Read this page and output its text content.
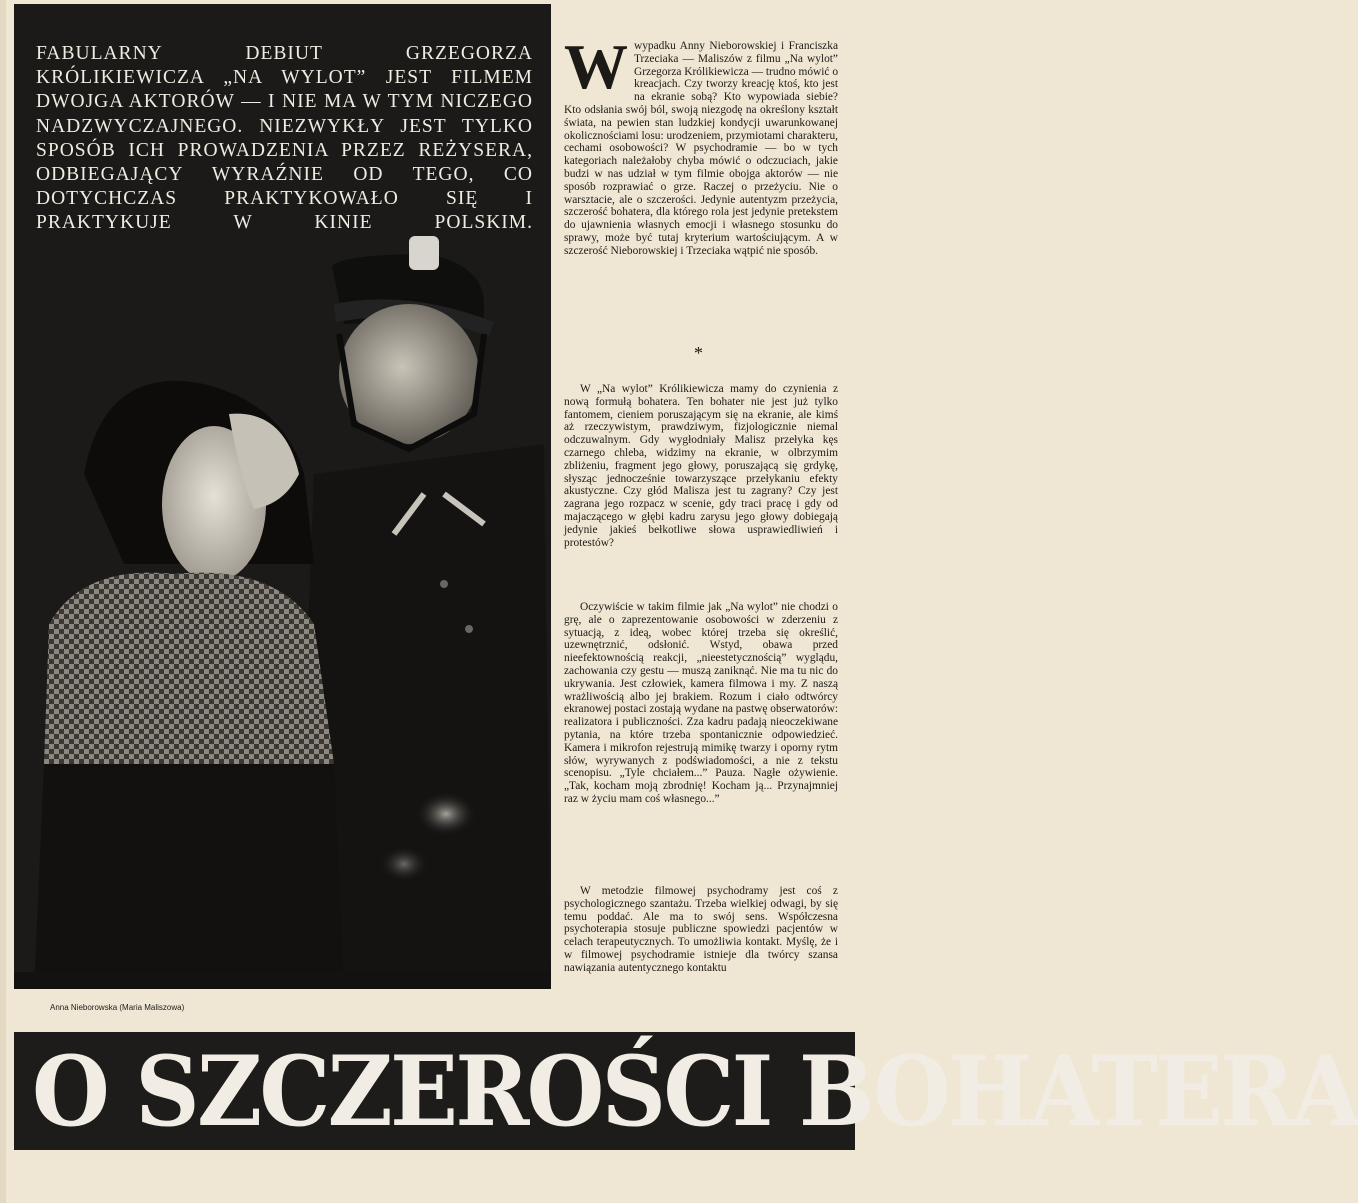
FABULARNY DEBIUT GRZEGORZA KRÓLIKIEWICZA „NA WYLOT” JEST FILMEM DWOJGA AKTORÓW — I NIE MA W TYM NICZEGO NADZWYCZAJNEGO. NIEZWYKŁY JEST TYLKO SPOSÓB ICH PROWADZENIA PRZEZ REŻYSERA, ODBIEGAJĄCY WYRAŹNIE OD TEGO, CO DOTYCHCZAS PRAKTYKOWAŁO SIĘ I PRAKTYKUJE W KINIE POLSKIM.

Anna Nieborowska (Maria Maliszowa)

Wwypadku Anny Nieborowskiej i Franciszka Trzeciaka — Maliszów z filmu „Na wylot” Grzegorza Królikiewicza — trudno mówić o kreacjach. Czy tworzy kreację ktoś, kto jest na ekranie sobą? Kto wypowiada siebie? Kto odsłania swój ból, swoją niezgodę na określony kształt świata, na pewien stan ludzkiej kondycji uwarunkowanej okolicznościami losu: urodzeniem, przymiotami charakteru, cechami osobowości? W psychodramie — bo w tych kategoriach należałoby chyba mówić o odczuciach, jakie budzi w nas udział w tym filmie obojga aktorów — nie sposób rozprawiać o grze. Raczej o przeżyciu. Nie o warsztacie, ale o szczerości. Jedynie autentyzm przeżycia, szczerość bohatera, dla którego rola jest jedynie pretekstem do ujawnienia własnych emocji i własnego stosunku do sprawy, może być tutaj kryterium wartościującym. A w szczerość Nieborowskiej i Trzeciaka wątpić nie sposób.

*

W „Na wylot” Królikiewicza mamy do czynienia z nową formułą bohatera. Ten bohater nie jest już tylko fantomem, cieniem poruszającym się na ekranie, ale kimś aż rzeczywistym, prawdziwym, fizjologicznie niemal odczuwalnym. Gdy wygłodniały Malisz przełyka kęs czarnego chleba, widzimy na ekranie, w olbrzymim zbliżeniu, fragment jego głowy, poruszającą się grdykę, słysząc jednocześnie towarzyszące przełykaniu efekty akustyczne. Czy głód Malisza jest tu zagrany? Czy jest zagrana jego rozpacz w scenie, gdy traci pracę i gdy od majaczącego w głębi kadru zarysu jego głowy dobiegają jedynie jakieś bełkotliwe słowa usprawiedliwień i protestów?

Oczywiście w takim filmie jak „Na wylot” nie chodzi o grę, ale o zaprezentowanie osobowości w zderzeniu z sytuacją, z ideą, wobec której trzeba się określić, uzewnętrznić, odsłonić. Wstyd, obawa przed nieefektownością reakcji, „nieestetycznością” wyglądu, zachowania czy gestu — muszą zaniknąć. Nie ma tu nic do ukrywania. Jest człowiek, kamera filmowa i my. Z naszą wrażliwością albo jej brakiem. Rozum i ciało odtwórcy ekranowej postaci zostają wydane na pastwę obserwatorów: realizatora i publiczności. Zza kadru padają nieoczekiwane pytania, na które trzeba spontanicznie odpowiedzieć. Kamera i mikrofon rejestrują mimikę twarzy i oporny rytm słów, wyrywanych z podświadomości, a nie z tekstu scenopisu. „Tyle chciałem...” Pauza. Nagłe ożywienie. „Tak, kocham moją zbrodnię! Kocham ją... Przynajmniej raz w życiu mam coś własnego...”

W metodzie filmowej psychodramy jest coś z psychologicznego szantażu. Trzeba wielkiej odwagi, by się temu poddać. Ale ma to swój sens. Współczesna psychoterapia stosuje publiczne spowiedzi pacjentów w celach terapeutycznych. To umożliwia kontakt. Myślę, że i w filmowej psychodramie istnieje dla twórcy szansa nawiązania autentycznego kontaktu

O SZCZEROŚCI BOHATERA
